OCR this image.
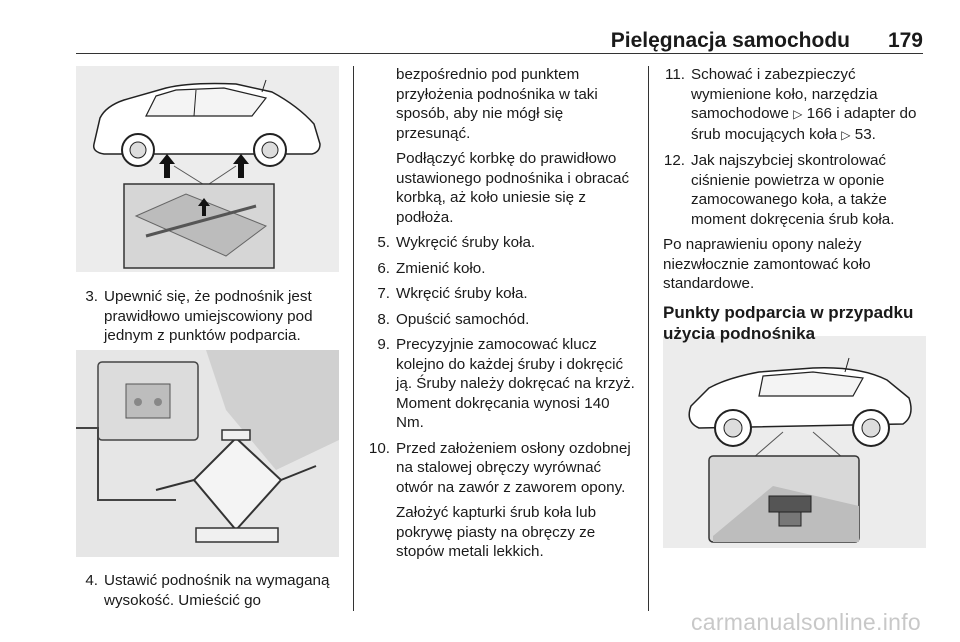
Pielęgnacja samochodu 179
3. Upewnić się, że podnośnik jest prawidłowo umiejscowiony pod jednym z punktów podparcia.
4. Ustawić podnośnik na wymaganą wysokość. Umieścić go
bezpośrednio pod punktem przyłożenia podnośnika w taki sposób, aby nie mógł się przesunąć.
Podłączyć korbkę do prawidłowo ustawionego podnośnika i obracać korbką, aż koło uniesie się z podłoża.
5. Wykręcić śruby koła.
6. Zmienić koło.
7. Wkręcić śruby koła.
8. Opuścić samochód.
9. Precyzyjnie zamocować klucz kolejno do każdej śruby i dokręcić ją. Śruby należy dokręcać na krzyż. Moment dokręcania wynosi 140 Nm.
10. Przed założeniem osłony ozdobnej na stalowej obręczy wyrównać otwór na zawór z zaworem opony.
Założyć kapturki śrub koła lub pokrywę piasty na obręczy ze stopów metali lekkich.
11. Schować i zabezpieczyć wymienione koło, narzędzia samochodowe ▷ 166 i adapter do śrub mocujących koła ▷ 53.
12. Jak najszybciej skontrolować ciśnienie powietrza w oponie zamocowanego koła, a także moment dokręcenia śrub koła.
Po naprawieniu opony należy niezwłocznie zamontować koło standardowe.
Punkty podparcia w przypadku użycia podnośnika
carmanualsonline.info
